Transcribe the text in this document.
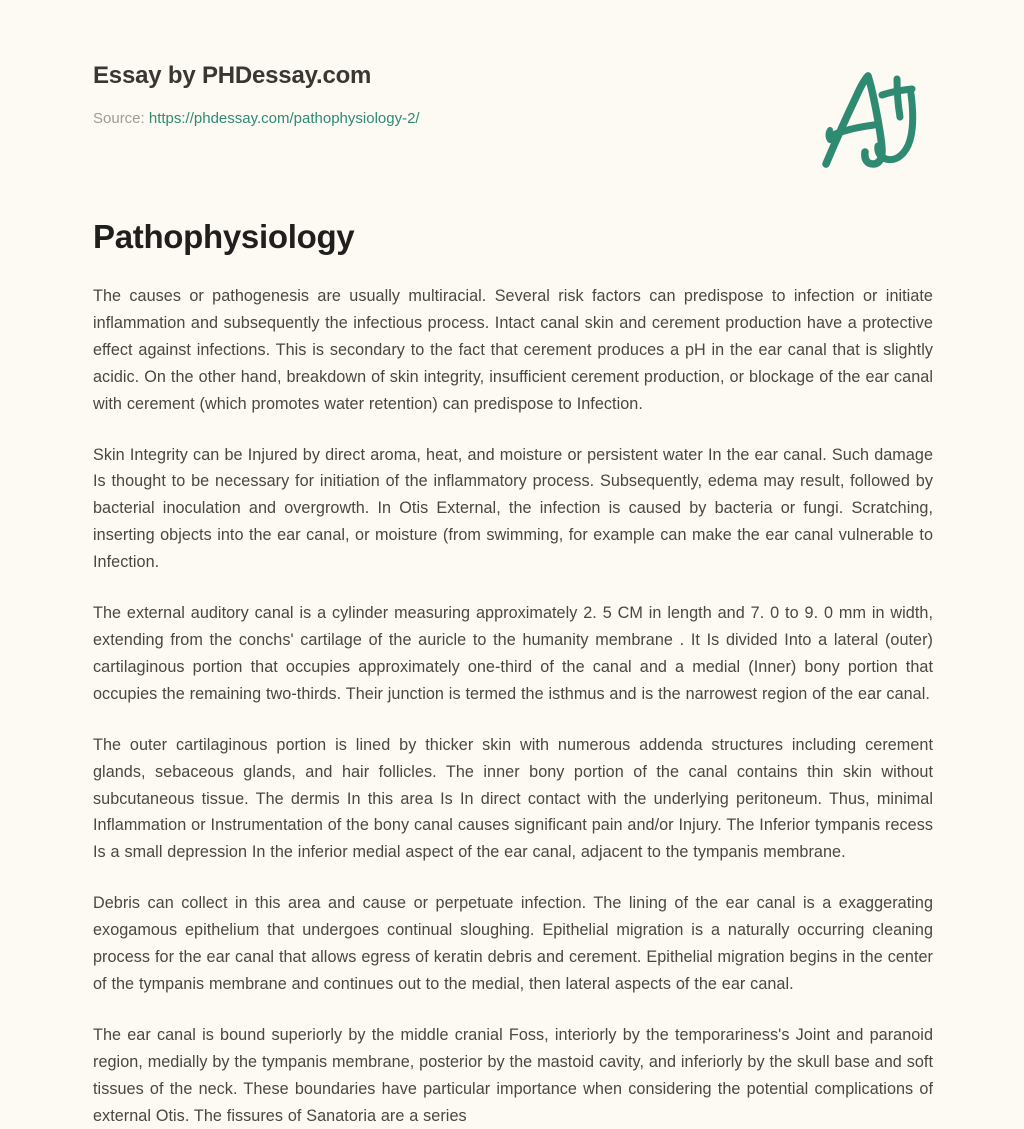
Essay by PHDessay.com
Source: https://phdessay.com/pathophysiology-2/
Pathophysiology

The causes or pathogenesis are usually multiracial. Several risk factors can predispose to infection or initiate inflammation and subsequently the infectious process. Intact canal skin and cerement production have a protective effect against infections. This is secondary to the fact that cerement produces a pH in the ear canal that is slightly acidic. On the other hand, breakdown of skin integrity, insufficient cerement production, or blockage of the ear canal with cerement (which promotes water retention) can predispose to Infection.

Skin Integrity can be Injured by direct aroma, heat, and moisture or persistent water In the ear canal. Such damage Is thought to be necessary for initiation of the inflammatory process. Subsequently, edema may result, followed by bacterial inoculation and overgrowth. In Otis External, the infection is caused by bacteria or fungi. Scratching, inserting objects into the ear canal, or moisture (from swimming, for example can make the ear canal vulnerable to Infection.

The external auditory canal is a cylinder measuring approximately 2. 5 CM in length and 7. 0 to 9. 0 mm in width, extending from the conchs' cartilage of the auricle to the humanity membrane . It Is divided Into a lateral (outer) cartilaginous portion that occupies approximately one-third of the canal and a medial (Inner) bony portion that occupies the remaining two-thirds. Their junction is termed the isthmus and is the narrowest region of the ear canal.

The outer cartilaginous portion is lined by thicker skin with numerous addenda structures including cerement glands, sebaceous glands, and hair follicles. The inner bony portion of the canal contains thin skin without subcutaneous tissue. The dermis In this area Is In direct contact with the underlying peritoneum. Thus, minimal Inflammation or Instrumentation of the bony canal causes significant pain and/or Injury. The Inferior tympanis recess Is a small depression In the inferior medial aspect of the ear canal, adjacent to the tympanis membrane.

Debris can collect in this area and cause or perpetuate infection. The lining of the ear canal is a exaggerating exogamous epithelium that undergoes continual sloughing. Epithelial migration is a naturally occurring cleaning process for the ear canal that allows egress of keratin debris and cerement. Epithelial migration begins in the center of the tympanis membrane and continues out to the medial, then lateral aspects of the ear canal.

The ear canal is bound superiorly by the middle cranial Foss, interiorly by the temporariness's Joint and paranoid region, medially by the tympanis membrane, posterior by the mastoid cavity, and inferiorly by the skull base and soft tissues of the neck. These boundaries have particular importance when considering the potential complications of external Otis. The fissures of Sanatoria are a series
